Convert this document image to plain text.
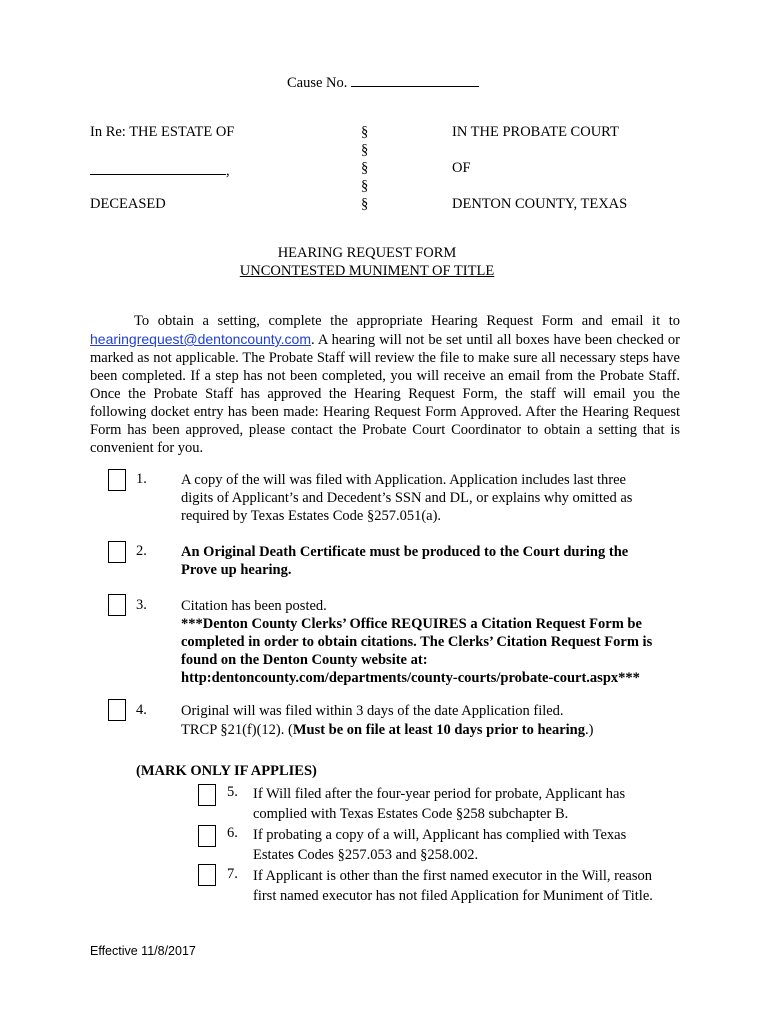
Cause No.
In Re: THE ESTATE OF
,
DECEASED
§
§
§
§
§
IN THE PROBATE COURT
OF
DENTON COUNTY, TEXAS
HEARING REQUEST FORM
UNCONTESTED MUNIMENT OF TITLE
To obtain a setting, complete the appropriate Hearing Request Form and email it to hearingrequest@dentoncounty.com. A hearing will not be set until all boxes have been checked or marked as not applicable. The Probate Staff will review the file to make sure all necessary steps have been completed. If a step has not been completed, you will receive an email from the Probate Staff. Once the Probate Staff has approved the Hearing Request Form, the staff will email you the following docket entry has been made: Hearing Request Form Approved. After the Hearing Request Form has been approved, please contact the Probate Court Coordinator to obtain a setting that is convenient for you.
1. A copy of the will was filed with Application. Application includes last three
digits of Applicant’s and Decedent’s SSN and DL, or explains why omitted as
required by Texas Estates Code §257.051(a).
2. An Original Death Certificate must be produced to the Court during the
Prove up hearing.
3. Citation has been posted.
***Denton County Clerks’ Office REQUIRES a Citation Request Form be
completed in order to obtain citations. The Clerks’ Citation Request Form is
found on the Denton County website at:
http:dentoncounty.com/departments/county-courts/probate-court.aspx***
4. Original will was filed within 3 days of the date Application filed.
TRCP §21(f)(12). (Must be on file at least 10 days prior to hearing.)
(MARK ONLY IF APPLIES)
5. If Will filed after the four-year period for probate, Applicant has
complied with Texas Estates Code §258 subchapter B.
6. If probating a copy of a will, Applicant has complied with Texas
Estates Codes §257.053 and §258.002.
7. If Applicant is other than the first named executor in the Will, reason
first named executor has not filed Application for Muniment of Title.
Effective 11/8/2017
